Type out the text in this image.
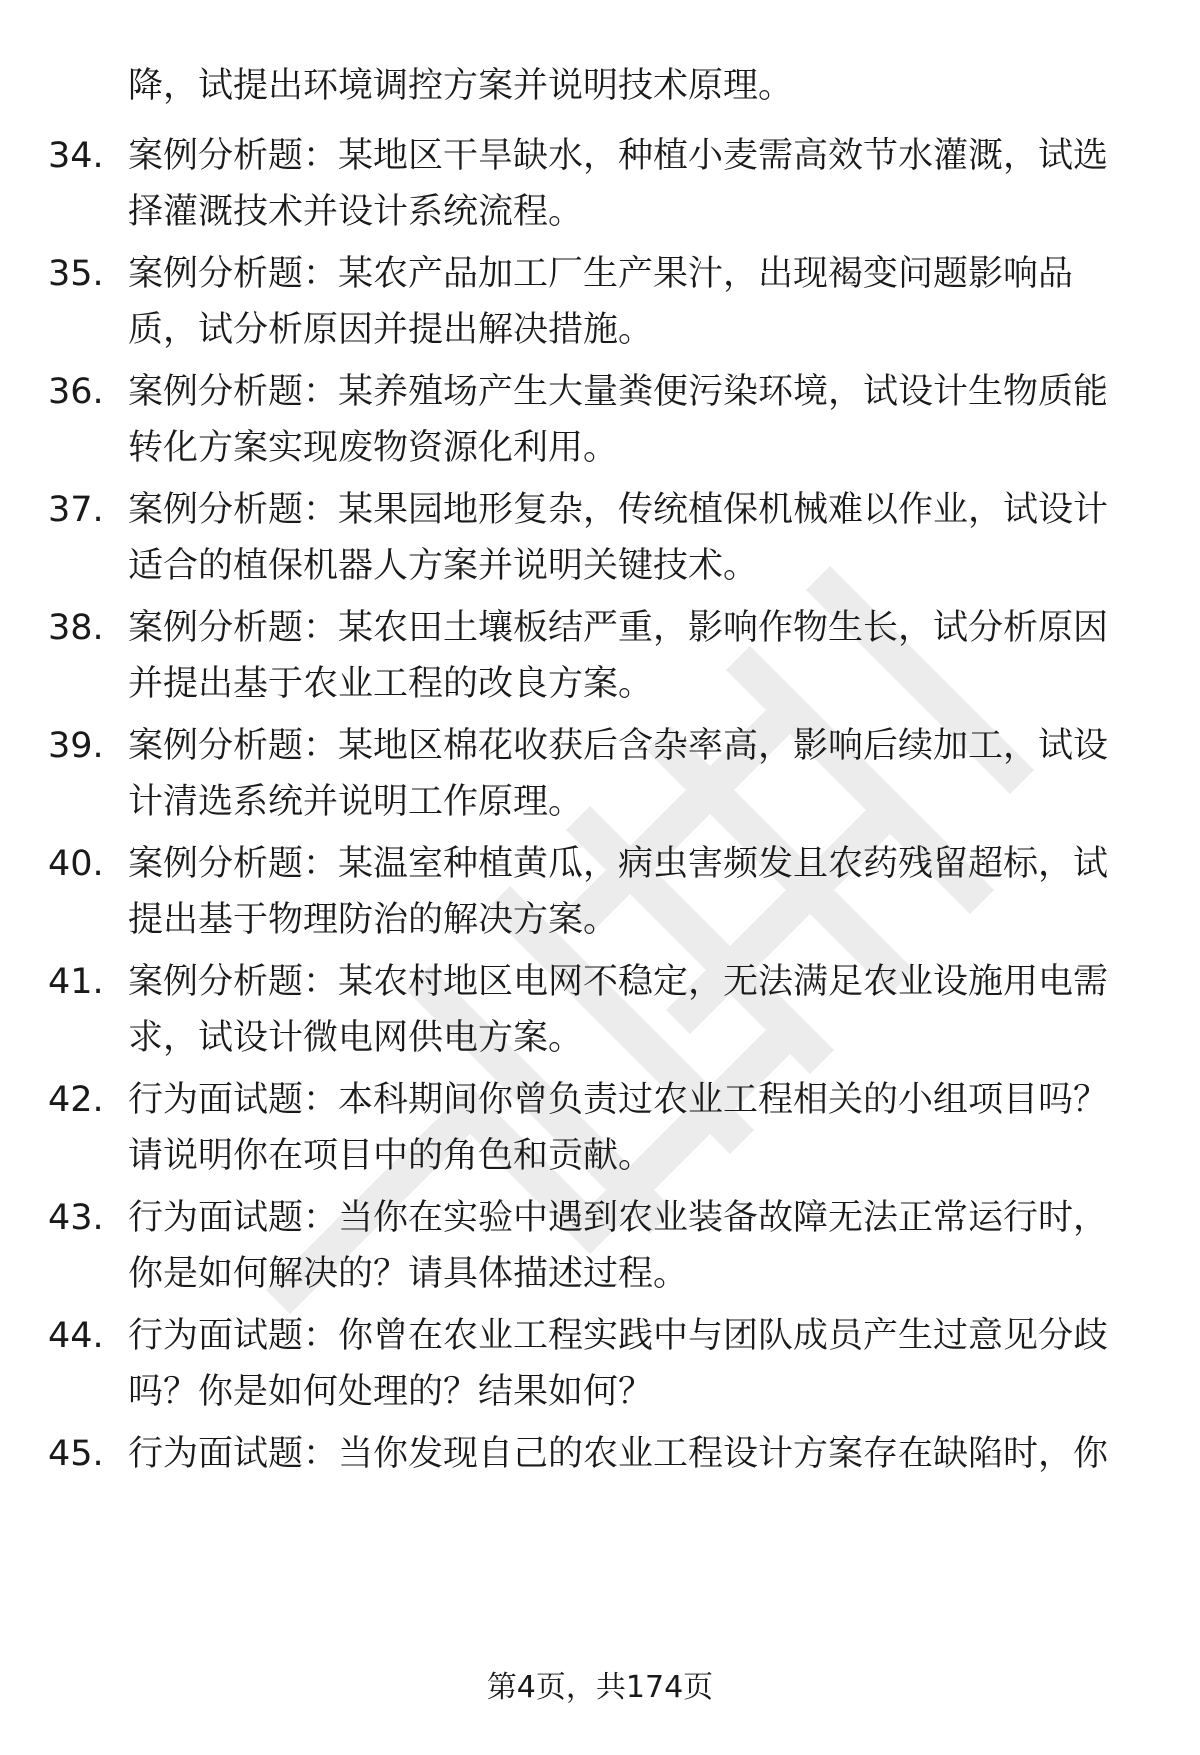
降，试提出环境调控方案并说明技术原理。
34. 案例分析题：某地区干旱缺水，种植小麦需高效节水灌溉，试选
择灌溉技术并设计系统流程。
35. 案例分析题：某农产品加工厂生产果汁，出现褐变问题影响品
质，试分析原因并提出解决措施。
36. 案例分析题：某养殖场产生大量粪便污染环境，试设计生物质能
转化方案实现废物资源化利用。
37. 案例分析题：某果园地形复杂，传统植保机械难以作业，试设计
适合的植保机器人方案并说明关键技术。
38. 案例分析题：某农田土壤板结严重，影响作物生长，试分析原因
并提出基于农业工程的改良方案。
39. 案例分析题：某地区棉花收获后含杂率高，影响后续加工，试设
计清选系统并说明工作原理。
40. 案例分析题：某温室种植黄瓜，病虫害频发且农药残留超标，试
提出基于物理防治的解决方案。
41. 案例分析题：某农村地区电网不稳定，无法满足农业设施用电需
求，试设计微电网供电方案。
42. 行为面试题：本科期间你曾负责过农业工程相关的小组项目吗？
请说明你在项目中的角色和贡献。
43. 行为面试题：当你在实验中遇到农业装备故障无法正常运行时，
你是如何解决的？请具体描述过程。
44. 行为面试题：你曾在农业工程实践中与团队成员产生过意见分歧
吗？你是如何处理的？结果如何？
45. 行为面试题：当你发现自己的农业工程设计方案存在缺陷时，你
第4页，共174页
